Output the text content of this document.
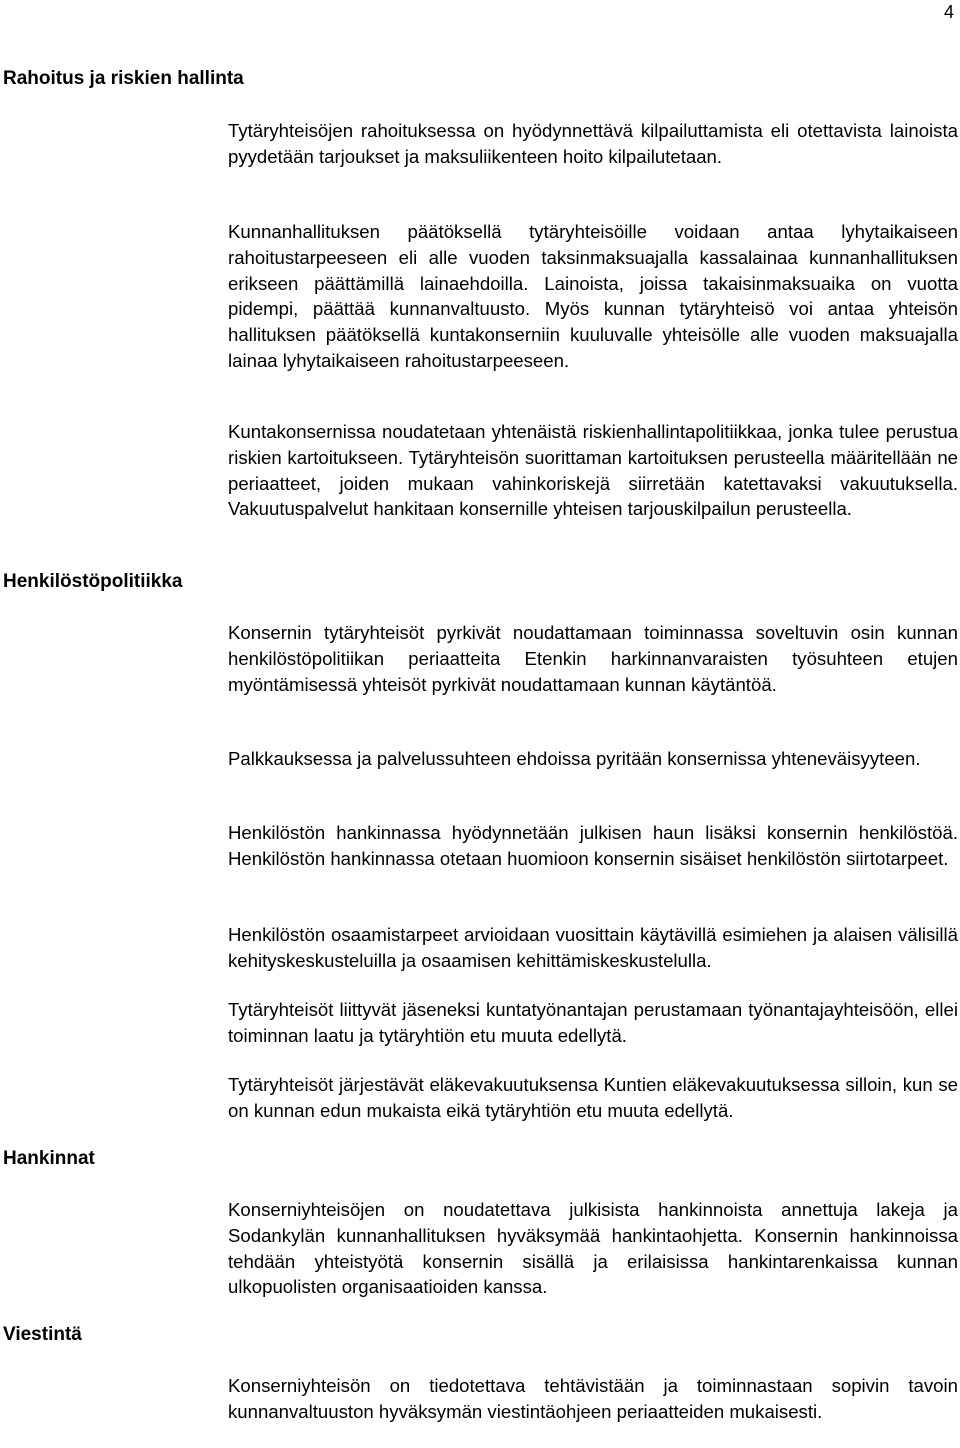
4
Rahoitus ja riskien hallinta

Tytäryhteisöjen rahoituksessa on hyödynnettävä kilpailuttamista eli otettavista lainoista pyydetään tarjoukset ja maksuliikenteen hoito kilpailutetaan.

Kunnanhallituksen päätöksellä tytäryhteisöille voidaan antaa lyhytaikaiseen rahoitustarpeeseen eli alle vuoden taksinmaksuajalla kassalainaa kunnanhallituksen erikseen päättämillä lainaehdoilla. Lainoista, joissa takaisinmaksuaika on vuotta pidempi, päättää kunnanvaltuusto. Myös kunnan tytäryhteisö voi antaa yhteisön hallituksen päätöksellä kuntakonserniin kuuluvalle yhteisölle alle vuoden maksuajalla lainaa lyhytaikaiseen rahoitustarpeeseen.

Kuntakonsernissa noudatetaan yhtenäistä riskienhallintapolitiikkaa, jonka tulee perustua riskien kartoitukseen. Tytäryhteisön suorittaman kartoituksen perusteella määritellään ne periaatteet, joiden mukaan vahinkoriskejä siirretään katettavaksi vakuutuksella. Vakuutuspalvelut hankitaan konsernille yhteisen tarjouskilpailun perusteella.

Henkilöstöpolitiikka

Konsernin tytäryhteisöt pyrkivät noudattamaan toiminnassa soveltuvin osin kunnan henkilöstöpolitiikan periaatteita Etenkin harkinnanvaraisten työsuhteen etujen myöntämisessä yhteisöt pyrkivät noudattamaan kunnan käytäntöä.

Palkkauksessa ja palvelussuhteen ehdoissa pyritään konsernissa yhteneväisyyteen.

Henkilöstön hankinnassa hyödynnetään julkisen haun lisäksi konsernin henkilöstöä. Henkilöstön hankinnassa otetaan huomioon konsernin sisäiset henkilöstön siirtotarpeet.

Henkilöstön osaamistarpeet arvioidaan vuosittain käytävillä esimiehen ja alaisen välisillä kehityskeskusteluilla ja osaamisen kehittämiskeskustelulla.

Tytäryhteisöt liittyvät jäseneksi kuntatyönantajan perustamaan työnantajayhteisöön, ellei toiminnan laatu ja tytäryhtiön etu muuta edellytä.

Tytäryhteisöt järjestävät eläkevakuutuksensa Kuntien eläkevakuutuksessa silloin, kun se on kunnan edun mukaista eikä tytäryhtiön etu muuta edellytä.

Hankinnat

Konserniyhteisöjen on noudatettava julkisista hankinnoista annettuja lakeja ja Sodankylän kunnanhallituksen hyväksymää hankintaohjetta. Konsernin hankinnoissa tehdään yhteistyötä konsernin sisällä ja erilaisissa hankintarenkaissa kunnan ulkopuolisten organisaatioiden kanssa.

Viestintä

Konserniyhteisön on tiedotettava tehtävistään ja toiminnastaan sopivin tavoin kunnanvaltuuston hyväksymän viestintäohjeen periaatteiden mukaisesti.
